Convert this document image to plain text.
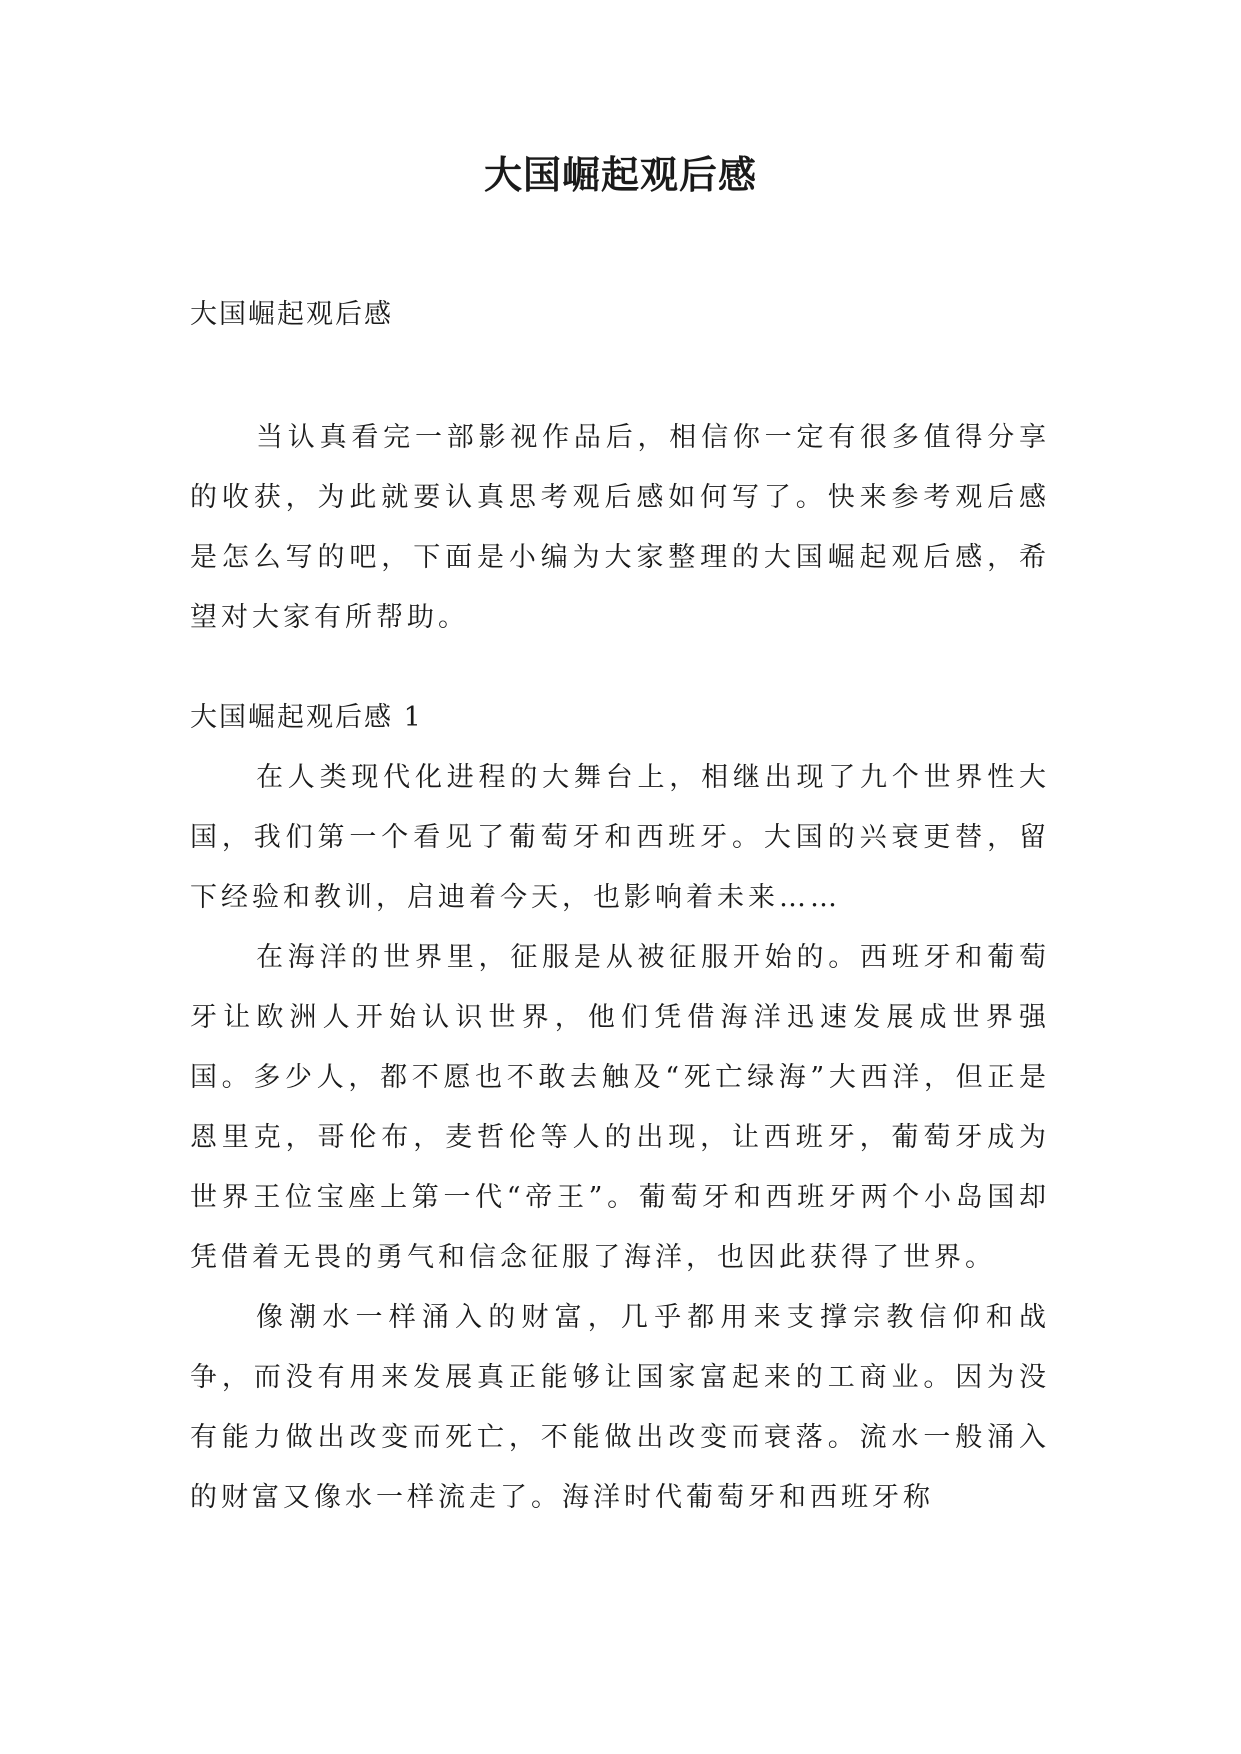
大国崛起观后感
大国崛起观后感

当认真看完一部影视作品后，相信你一定有很多值得分享的收获，为此就要认真思考观后感如何写了。快来参考观后感是怎么写的吧，下面是小编为大家整理的大国崛起观后感，希望对大家有所帮助。

大国崛起观后感 1

在人类现代化进程的大舞台上，相继出现了九个世界性大国，我们第一个看见了葡萄牙和西班牙。大国的兴衰更替，留下经验和教训，启迪着今天，也影响着未来……

在海洋的世界里，征服是从被征服开始的。西班牙和葡萄牙让欧洲人开始认识世界，他们凭借海洋迅速发展成世界强国。多少人，都不愿也不敢去触及“死亡绿海”大西洋，但正是恩里克，哥伦布，麦哲伦等人的出现，让西班牙，葡萄牙成为世界王位宝座上第一代“帝王”。葡萄牙和西班牙两个小岛国却凭借着无畏的勇气和信念征服了海洋，也因此获得了世界。

像潮水一样涌入的财富，几乎都用来支撑宗教信仰和战争，而没有用来发展真正能够让国家富起来的工商业。因为没有能力做出改变而死亡，不能做出改变而衰落。流水一般涌入的财富又像水一样流走了。海洋时代葡萄牙和西班牙称
